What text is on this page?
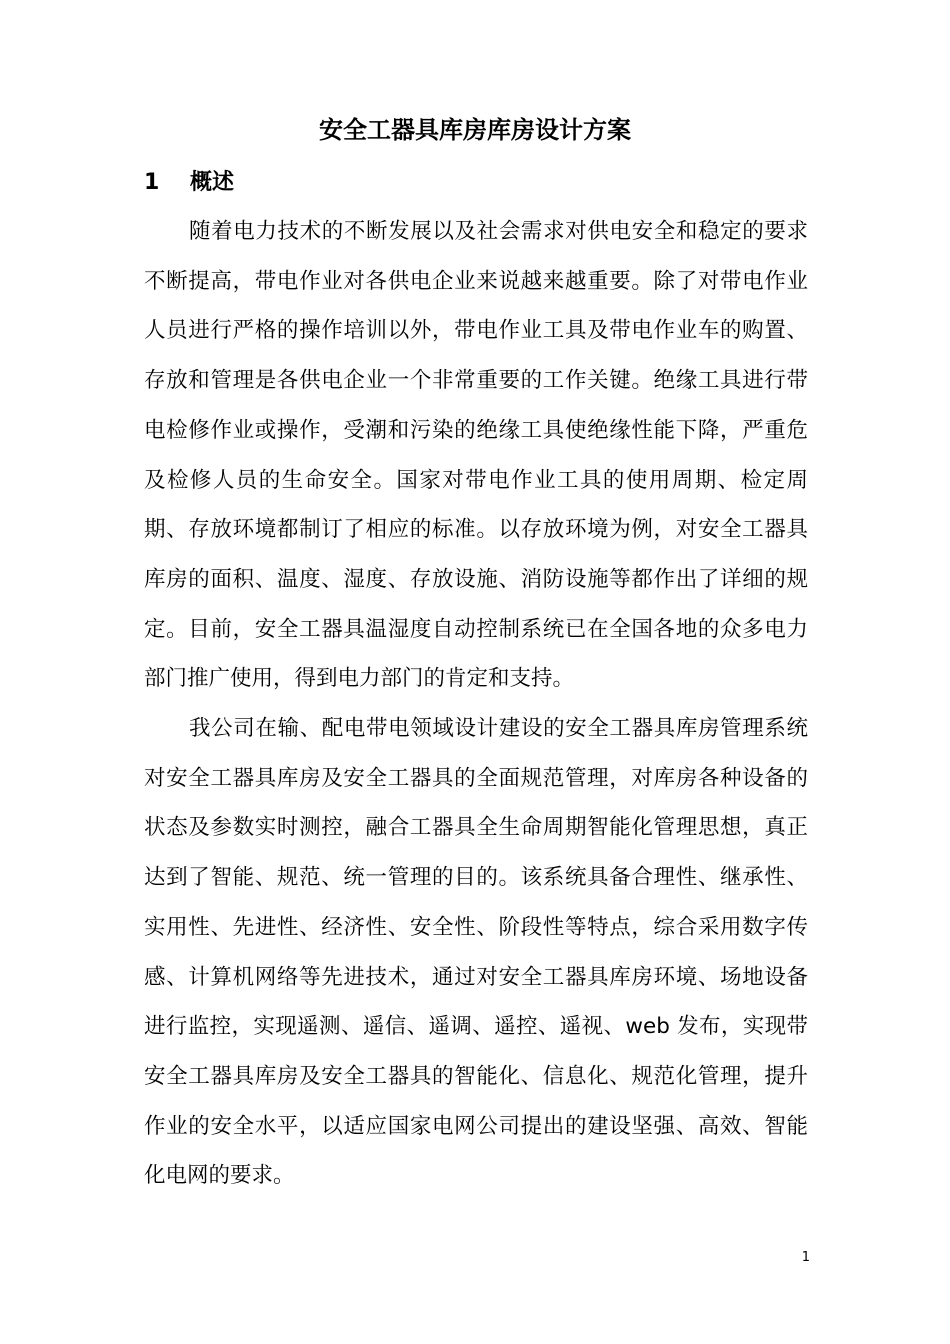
安全工器具库房库房设计方案
1    概述

随着电力技术的不断发展以及社会需求对供电安全和稳定的要求不断提高，带电作业对各供电企业来说越来越重要。除了对带电作业人员进行严格的操作培训以外，带电作业工具及带电作业车的购置、存放和管理是各供电企业一个非常重要的工作关键。绝缘工具进行带电检修作业或操作，受潮和污染的绝缘工具使绝缘性能下降，严重危及检修人员的生命安全。国家对带电作业工具的使用周期、检定周期、存放环境都制订了相应的标准。以存放环境为例，对安全工器具库房的面积、温度、湿度、存放设施、消防设施等都作出了详细的规定。目前，安全工器具温湿度自动控制系统已在全国各地的众多电力部门推广使用，得到电力部门的肯定和支持。

我公司在输、配电带电领域设计建设的安全工器具库房管理系统对安全工器具库房及安全工器具的全面规范管理，对库房各种设备的状态及参数实时测控，融合工器具全生命周期智能化管理思想，真正达到了智能、规范、统一管理的目的。该系统具备合理性、继承性、实用性、先进性、经济性、安全性、阶段性等特点，综合采用数字传感、计算机网络等先进技术，通过对安全工器具库房环境、场地设备进行监控，实现遥测、遥信、遥调、遥控、遥视、web 发布，实现带安全工器具库房及安全工器具的智能化、信息化、规范化管理，提升作业的安全水平，以适应国家电网公司提出的建设坚强、高效、智能化电网的要求。

1
